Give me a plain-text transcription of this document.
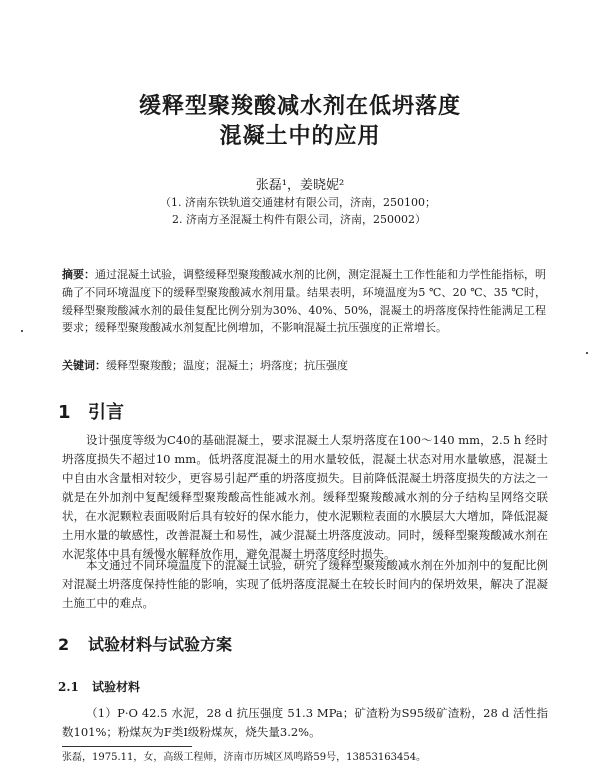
缓释型聚羧酸减水剂在低坍落度
混凝土中的应用
张磊¹，姜晓妮²
（1. 济南东铁轨道交通建材有限公司，济南，250100；
2. 济南方圣混凝土构件有限公司，济南，250002）
摘要：通过混凝土试验，调整缓释型聚羧酸减水剂的比例，测定混凝土工作性能和力学性能指标，明确了不同环境温度下的缓释型聚羧酸减水剂用量。结果表明，环境温度为5 ℃、20 ℃、35 ℃时，缓释型聚羧酸减水剂的最佳复配比例分别为30%、40%、50%，混凝土的坍落度保持性能满足工程要求；缓释型聚羧酸减水剂复配比例增加，不影响混凝土抗压强度的正常增长。
关键词：缓释型聚羧酸；温度；混凝土；坍落度；抗压强度
1 引言
设计强度等级为C40的基础混凝土，要求混凝土人泵坍落度在100～140 mm，2.5 h 经时坍落度损失不超过10 mm。低坍落度混凝土的用水量较低，混凝土状态对用水量敏感，混凝土中自由水含量相对较少，更容易引起严重的坍落度损失。目前降低混凝土坍落度损失的方法之一就是在外加剂中复配缓释型聚羧酸高性能减水剂。缓释型聚羧酸减水剂的分子结构呈网络交联状，在水泥颗粒表面吸附后具有较好的保水能力，使水泥颗粒表面的水膜层大大增加，降低混凝土用水量的敏感性，改善混凝土和易性，减少混凝土坍落度波动。同时，缓释型聚羧酸减水剂在水泥浆体中具有缓慢水解释放作用，避免混凝土坍落度经时损失。
本文通过不同环境温度下的混凝土试验，研究了缓释型聚羧酸减水剂在外加剂中的复配比例对混凝土坍落度保持性能的影响，实现了低坍落度混凝土在较长时间内的保坍效果，解决了混凝土施工中的难点。
2 试验材料与试验方案
2.1 试验材料
（1）P·O 42.5 水泥，28 d 抗压强度 51.3 MPa；矿渣粉为S95级矿渣粉，28 d 活性指数101%；粉煤灰为F类Ⅰ级粉煤灰，烧失量3.2%。
张磊，1975.11，女，高级工程师，济南市历城区凤鸣路59号，13853163454。
